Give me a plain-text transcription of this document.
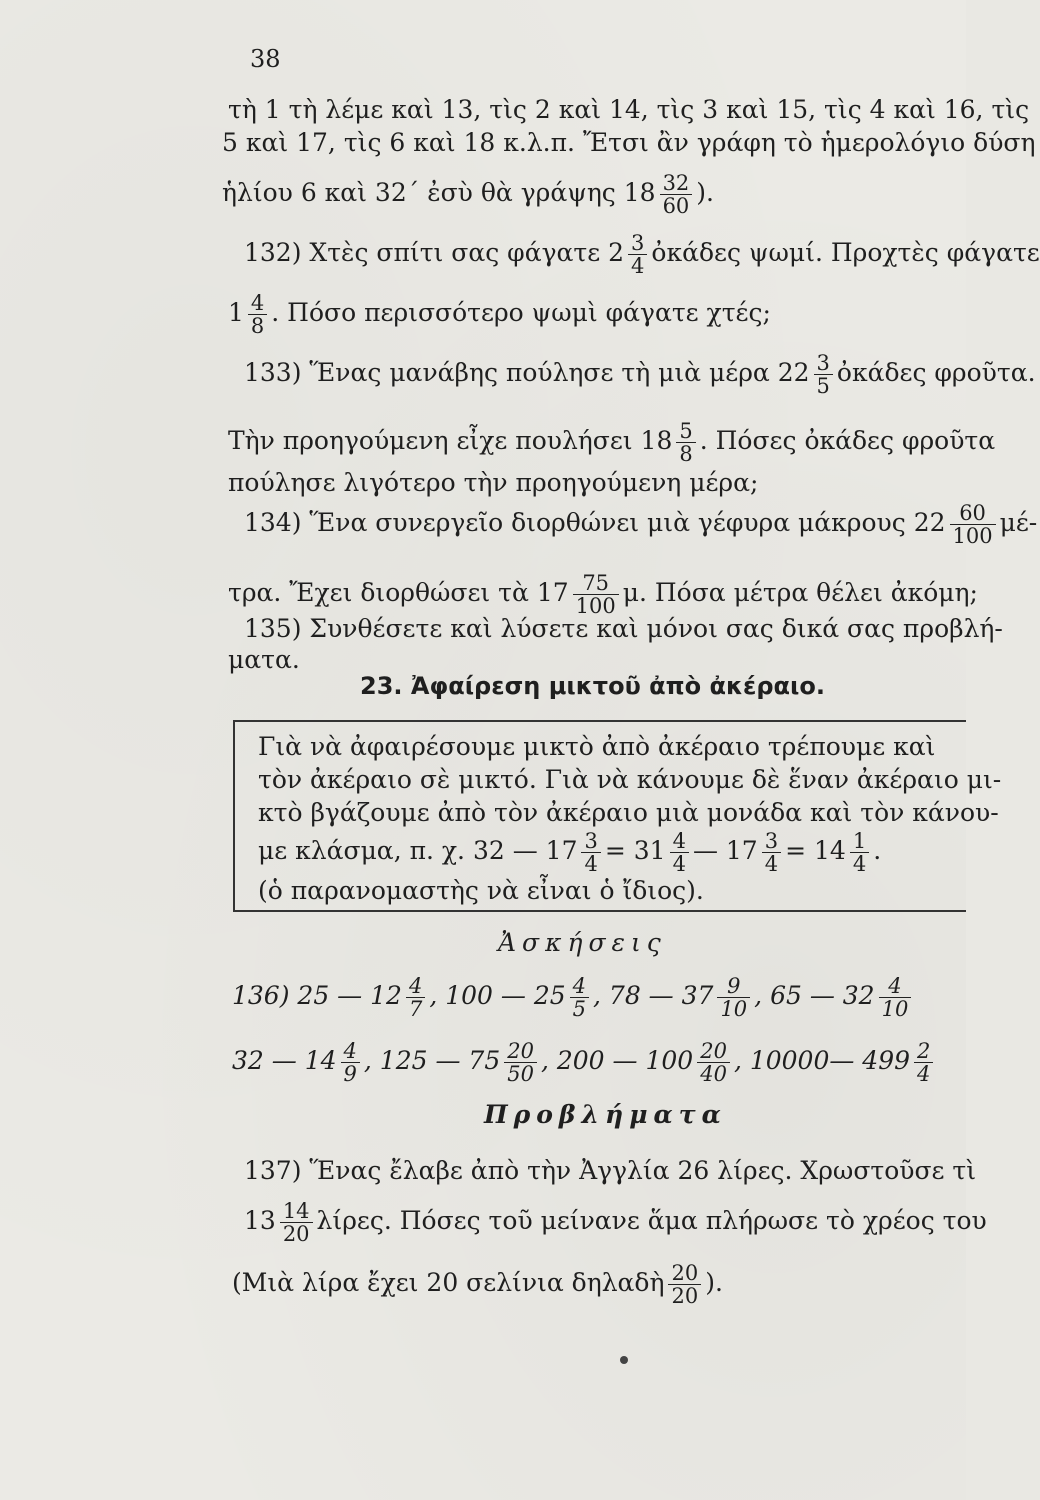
38
τὴ 1 τὴ λέμε καὶ 13, τὶς 2 καὶ 14, τὶς 3 καὶ 15, τὶς 4 καὶ 16, τὶς
5 καὶ 17, τὶς 6 καὶ 18 κ.λ.π. Ἔτσι ἂν γράφη τὸ ἡμερολόγιο δύση
ἡλίου 6 καὶ 32΄ ἐσὺ θὰ γράψης $18 \frac{32}{60}$ ).
132) Χτὲς σπίτι σας φάγατε $2 \frac{3}{4}$ ὀκάδες ψωμί. Προχτὲς φάγατε
$1 \frac{4}{8}$ . Πόσο περισσότερο ψωμὶ φάγατε χτές;
133) Ἕνας μανάβης πούλησε τὴ μιὰ μέρα $22 \frac{3}{5}$ ὀκάδες φροῦτα.
Τὴν προηγούμενη εἶχε πουλήσει $18 \frac{5}{8}$ . Πόσες ὀκάδες φροῦτα
πούλησε λιγότερο τὴν προηγούμενη μέρα;
134) Ἕνα συνεργεῖο διορθώνει μιὰ γέφυρα μάκρους $22 \frac{60}{100} \mu έ-$
τρα. Ἔχει διορθώσει τὰ $17 \frac{75}{100} \mu$. Πόσα μέτρα θέλει ἀκόμη;
135) Συνθέσετε καὶ λύσετε καὶ μόνοι σας δικά σας προβλή-
ματα.
23. Ἀφαίρεση μικτοῦ ἀπὸ ἀκέραιο.
Γιὰ νὰ ἀφαιρέσουμε μικτὸ ἀπὸ ἀκέραιο τρέπουμε καὶ
τὸν ἀκέραιο σὲ μικτό. Γιὰ νὰ κάνουμε δὲ ἕναν ἀκέραιο μι-
κτὸ βγάζουμε ἀπὸ τὸν ἀκέραιο μιὰ μονάδα καὶ τὸν κάνου-
με κλάσμα, π. χ. 32 — $17 \frac{3}{4} = 31 \frac{4}{4}$ — $17 \frac{3}{4} = 14 \frac{1}{4}$ .
(ὁ παρανομαστὴς νὰ εἶναι ὁ ἴδιος).
Ἀσκήσεις
136) 25 — $12 \frac{4}{7}$ , 100 — $25 \frac{4}{5}$ , 78 — $37 \frac{9}{10}$ , 65 — $32 \frac{4}{10}$
32 — $14 \frac{4}{9}$ , 125 — $75 \frac{20}{50}$ , 200 — $100 \frac{20}{40}$ , 10000— $499 \frac{2}{4}$
Προβλήματα
137) Ἕνας ἔλαβε ἀπὸ τὴν Ἀγγλία 26 λίρες. Χρωστοῦσε τὶ
$13 \frac{14}{20} \lambda ί\rho\varepsilon\varsigma$. Πόσες τοῦ μείνανε ἅμα πλήρωσε τὸ χρέος του
(Μιὰ λίρα ἔχει 20 σελίνια δηλαδὴ $\frac{20}{20}$ ).
